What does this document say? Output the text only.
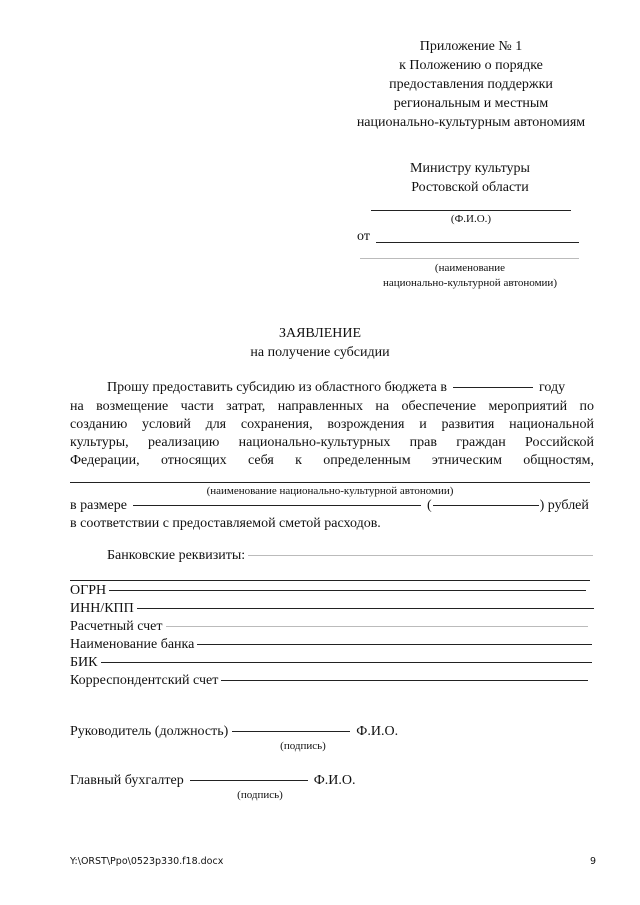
Приложение № 1
к Положению о порядке
предоставления поддержки
региональным и местным
национально-культурным автономиям
Министру культуры
Ростовской области
(Ф.И.О.)
от
(наименование
национально-культурной автономии)
ЗАЯВЛЕНИЕ
на получение субсидии
Прошу предоставить субсидию из областного бюджета в	году
на возмещение части затрат, направленных на обеспечение мероприятий по
созданию условий для сохранения, возрождения и развития национальной
культуры, реализацию национально-культурных прав граждан Российской
Федерации, относящих себя к определенным этническим общностям,
(наименование национально-культурной автономии)
в размере	(	) рублей
в соответствии с предоставляемой сметой расходов.
Банковские реквизиты:
ОГРН
ИНН/КПП
Расчетный счет
Наименование банка
БИК
Корреспондентский счет
Руководитель (должность)	Ф.И.О.
(подпись)
Главный бухгалтер	Ф.И.О.
(подпись)
Y:\ORST\Ppo\0523p330.f18.docx	9
